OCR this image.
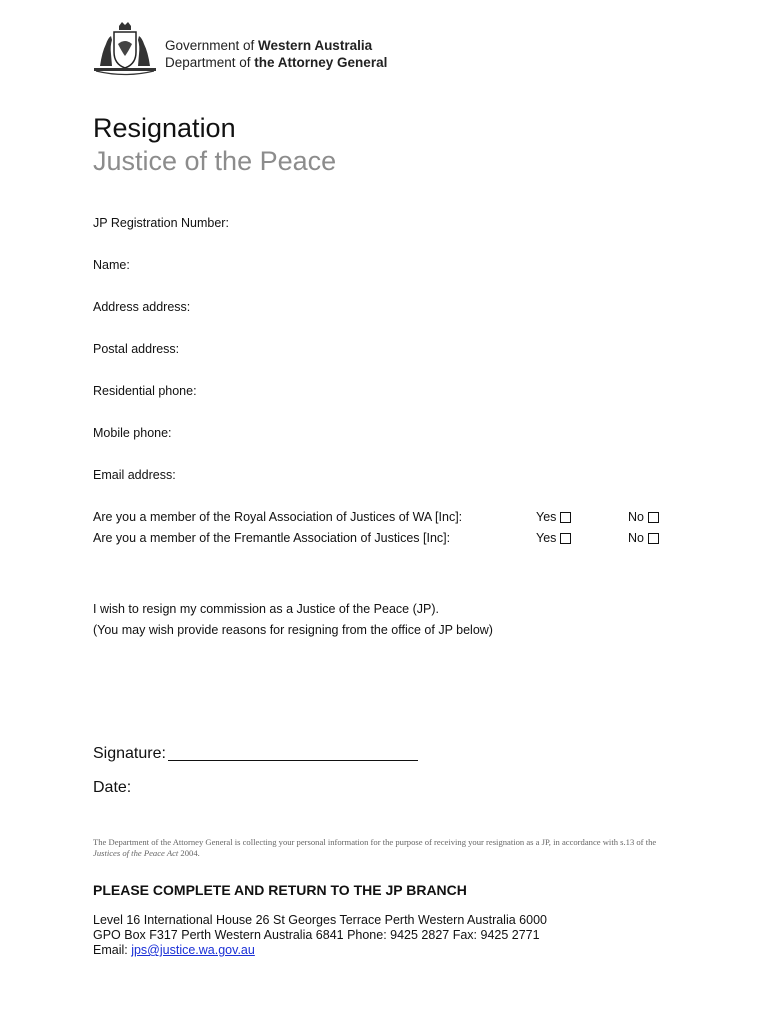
Government of Western Australia
Department of the Attorney General
Resignation
Justice of the Peace
JP Registration Number:
Name:
Address address:
Postal address:
Residential phone:
Mobile phone:
Email address:
Are you a member of the Royal Association of Justices of WA [Inc]:	Yes	No
Are you a member of the Fremantle Association of Justices [Inc]:	Yes	No
I wish to resign my commission as a Justice of the Peace (JP).
(You may wish provide reasons for resigning from the office of JP below)
Signature:
Date:
The Department of the Attorney General is collecting your personal information for the purpose of receiving your resignation as a JP, in accordance with s.13 of the Justices of the Peace Act 2004.
PLEASE COMPLETE AND RETURN TO THE JP BRANCH
Level 16 International House 26 St Georges Terrace Perth Western Australia 6000
GPO Box F317 Perth Western Australia 6841 Phone: 9425 2827 Fax: 9425 2771
Email: jps@justice.wa.gov.au
